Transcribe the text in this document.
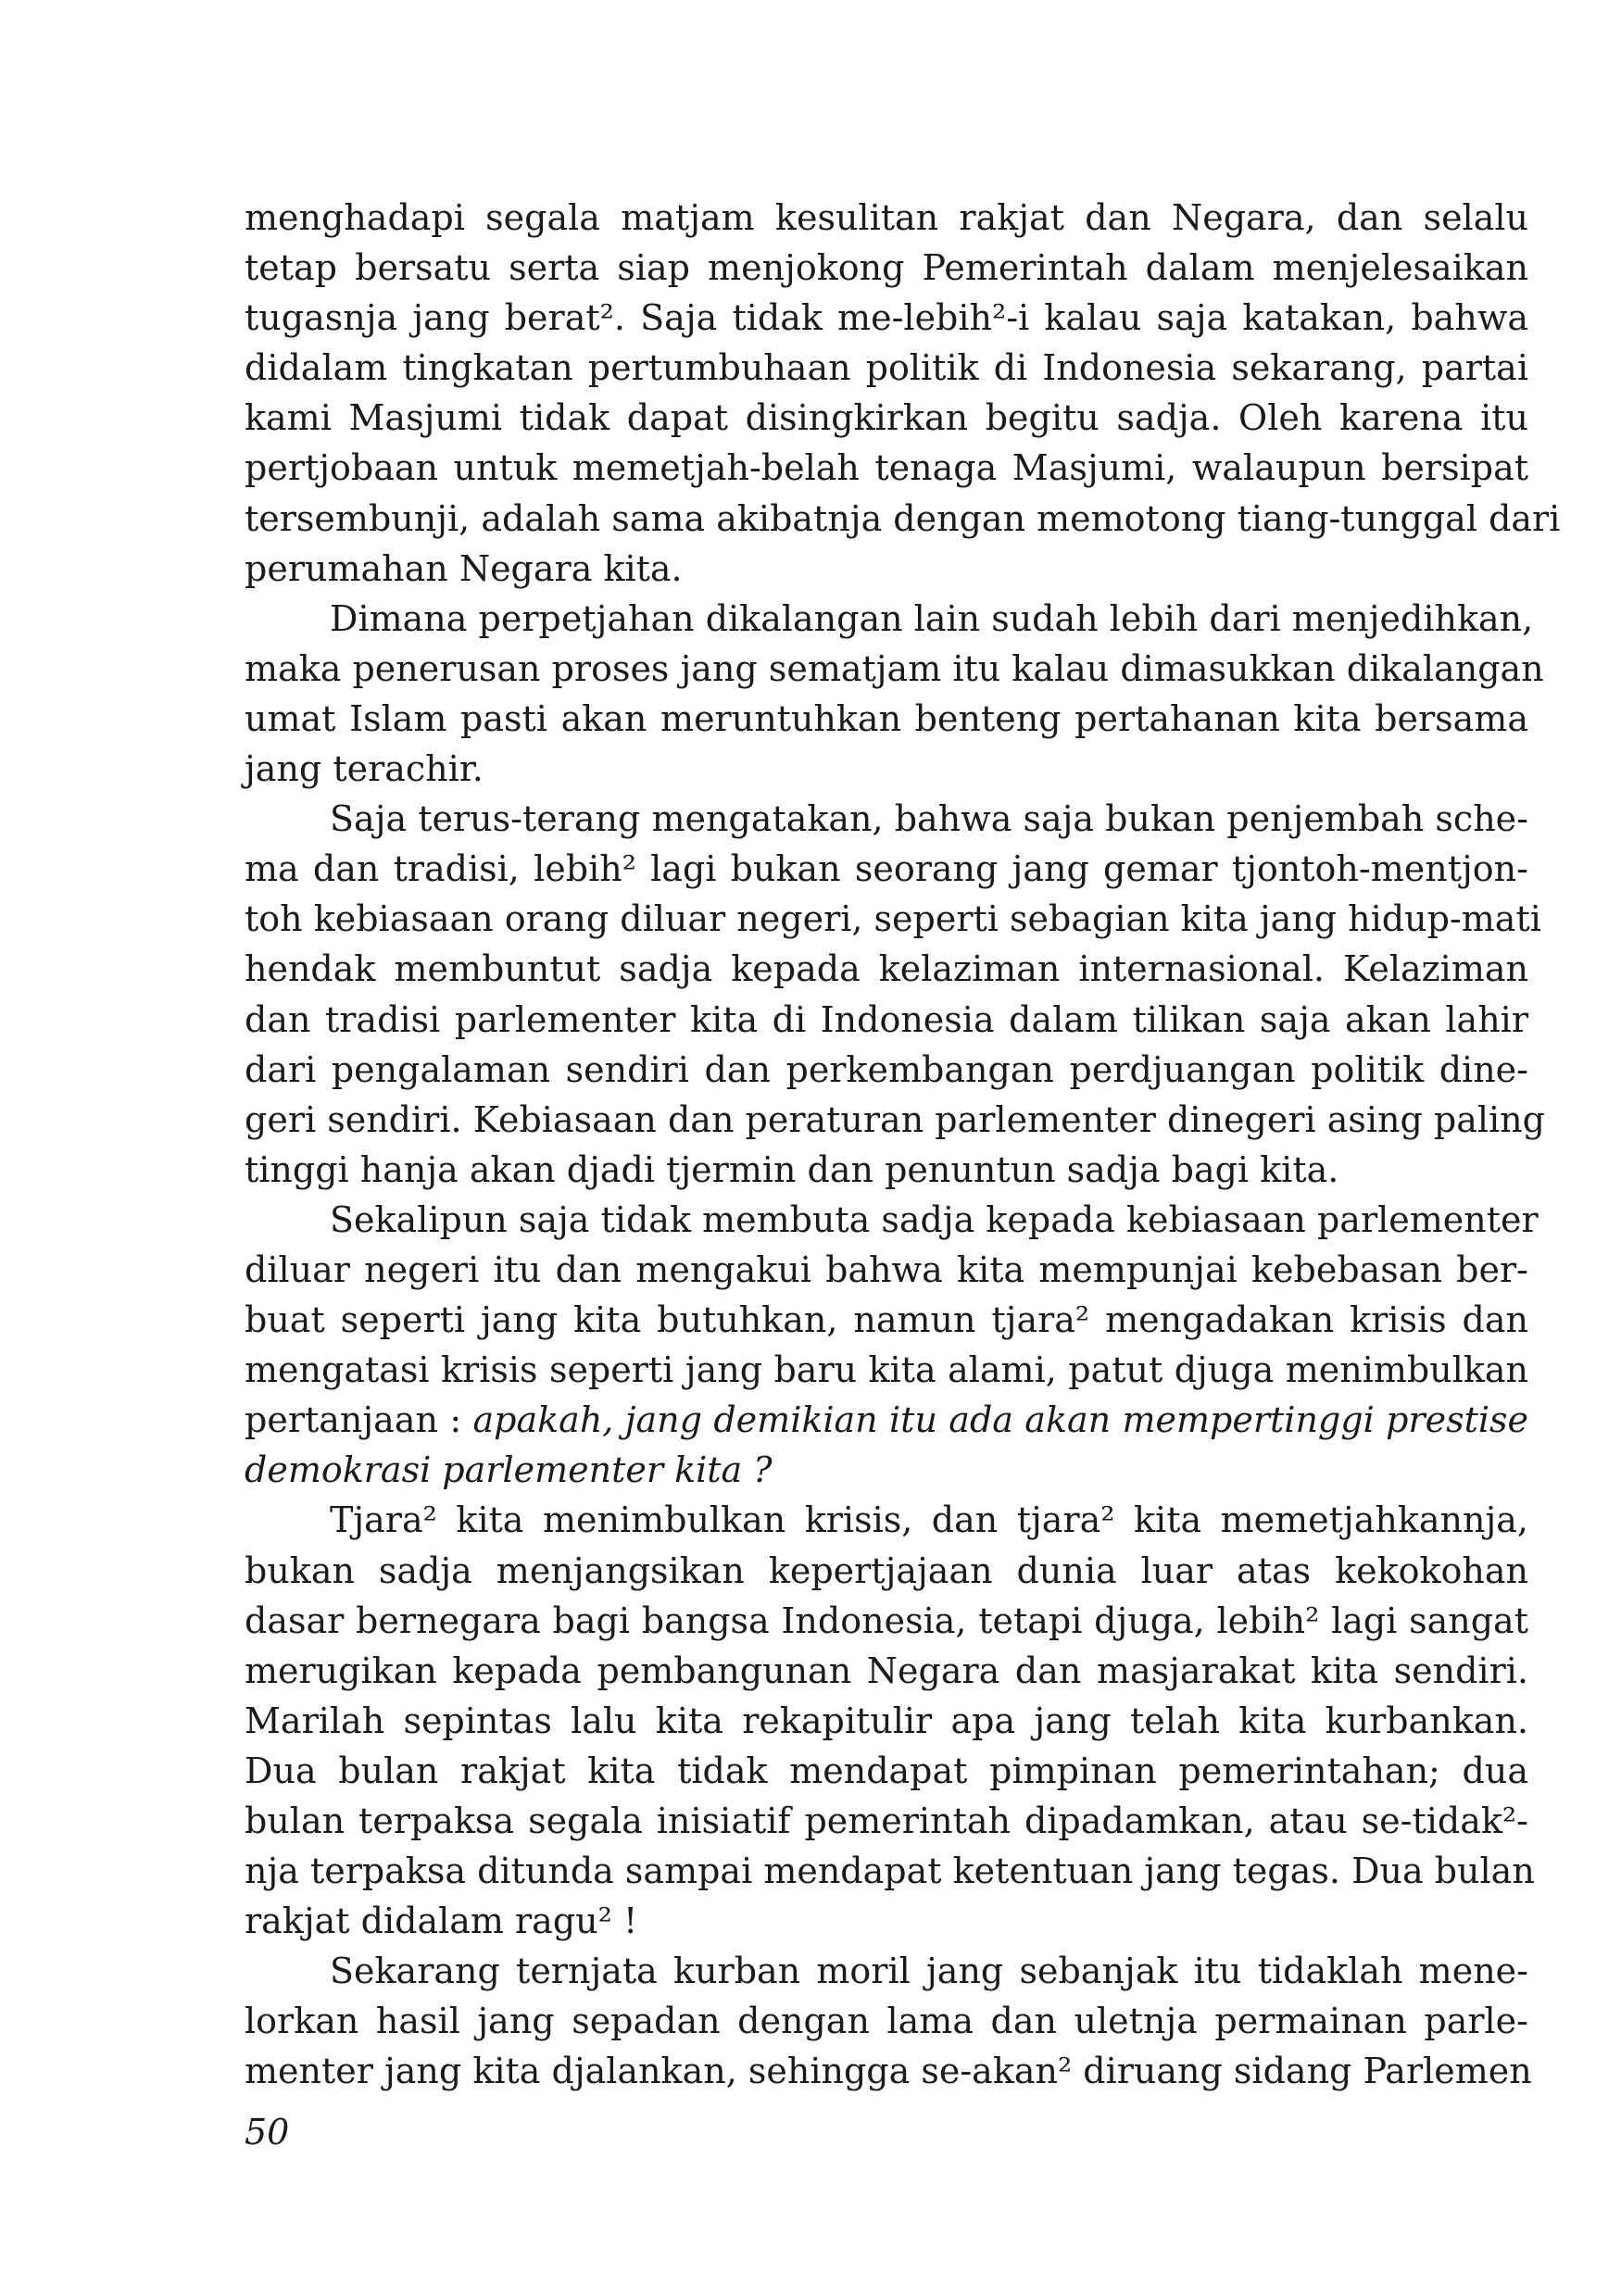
menghadapi segala matjam kesulitan rakjat dan Negara, dan selalu
tetap bersatu serta siap menjokong Pemerintah dalam menjelesaikan
tugasnja jang berat². Saja tidak me-lebih²-i kalau saja katakan, bahwa
didalam tingkatan pertumbuhaan politik di Indonesia sekarang, partai
kami Masjumi tidak dapat disingkirkan begitu sadja. Oleh karena itu
pertjobaan untuk memetjah-belah tenaga Masjumi, walaupun bersipat
tersembunji, adalah sama akibatnja dengan memotong tiang-tunggal dari
perumahan Negara kita.
Dimana perpetjahan dikalangan lain sudah lebih dari menjedihkan,
maka penerusan proses jang sematjam itu kalau dimasukkan dikalangan
umat Islam pasti akan meruntuhkan benteng pertahanan kita bersama
jang terachir.
Saja terus-terang mengatakan, bahwa saja bukan penjembah sche-
ma dan tradisi, lebih² lagi bukan seorang jang gemar tjontoh-mentjon-
toh kebiasaan orang diluar negeri, seperti sebagian kita jang hidup-mati
hendak membuntut sadja kepada kelaziman internasional. Kelaziman
dan tradisi parlementer kita di Indonesia dalam tilikan saja akan lahir
dari pengalaman sendiri dan perkembangan perdjuangan politik dine-
geri sendiri. Kebiasaan dan peraturan parlementer dinegeri asing paling
tinggi hanja akan djadi tjermin dan penuntun sadja bagi kita.
Sekalipun saja tidak membuta sadja kepada kebiasaan parlementer
diluar negeri itu dan mengakui bahwa kita mempunjai kebebasan ber-
buat seperti jang kita butuhkan, namun tjara² mengadakan krisis dan
mengatasi krisis seperti jang baru kita alami, patut djuga menimbulkan
pertanjaan : apakah, jang demikian itu ada akan mempertinggi prestise
demokrasi parlementer kita ?
Tjara² kita menimbulkan krisis, dan tjara² kita memetjahkannja,
bukan sadja menjangsikan kepertjajaan dunia luar atas kekokohan
dasar bernegara bagi bangsa Indonesia, tetapi djuga, lebih² lagi sangat
merugikan kepada pembangunan Negara dan masjarakat kita sendiri.
Marilah sepintas lalu kita rekapitulir apa jang telah kita kurbankan.
Dua bulan rakjat kita tidak mendapat pimpinan pemerintahan; dua
bulan terpaksa segala inisiatif pemerintah dipadamkan, atau se-tidak²-
nja terpaksa ditunda sampai mendapat ketentuan jang tegas. Dua bulan
rakjat didalam ragu² !
Sekarang ternjata kurban moril jang sebanjak itu tidaklah mene-
lorkan hasil jang sepadan dengan lama dan uletnja permainan parle-
menter jang kita djalankan, sehingga se-akan² diruang sidang Parlemen
50
